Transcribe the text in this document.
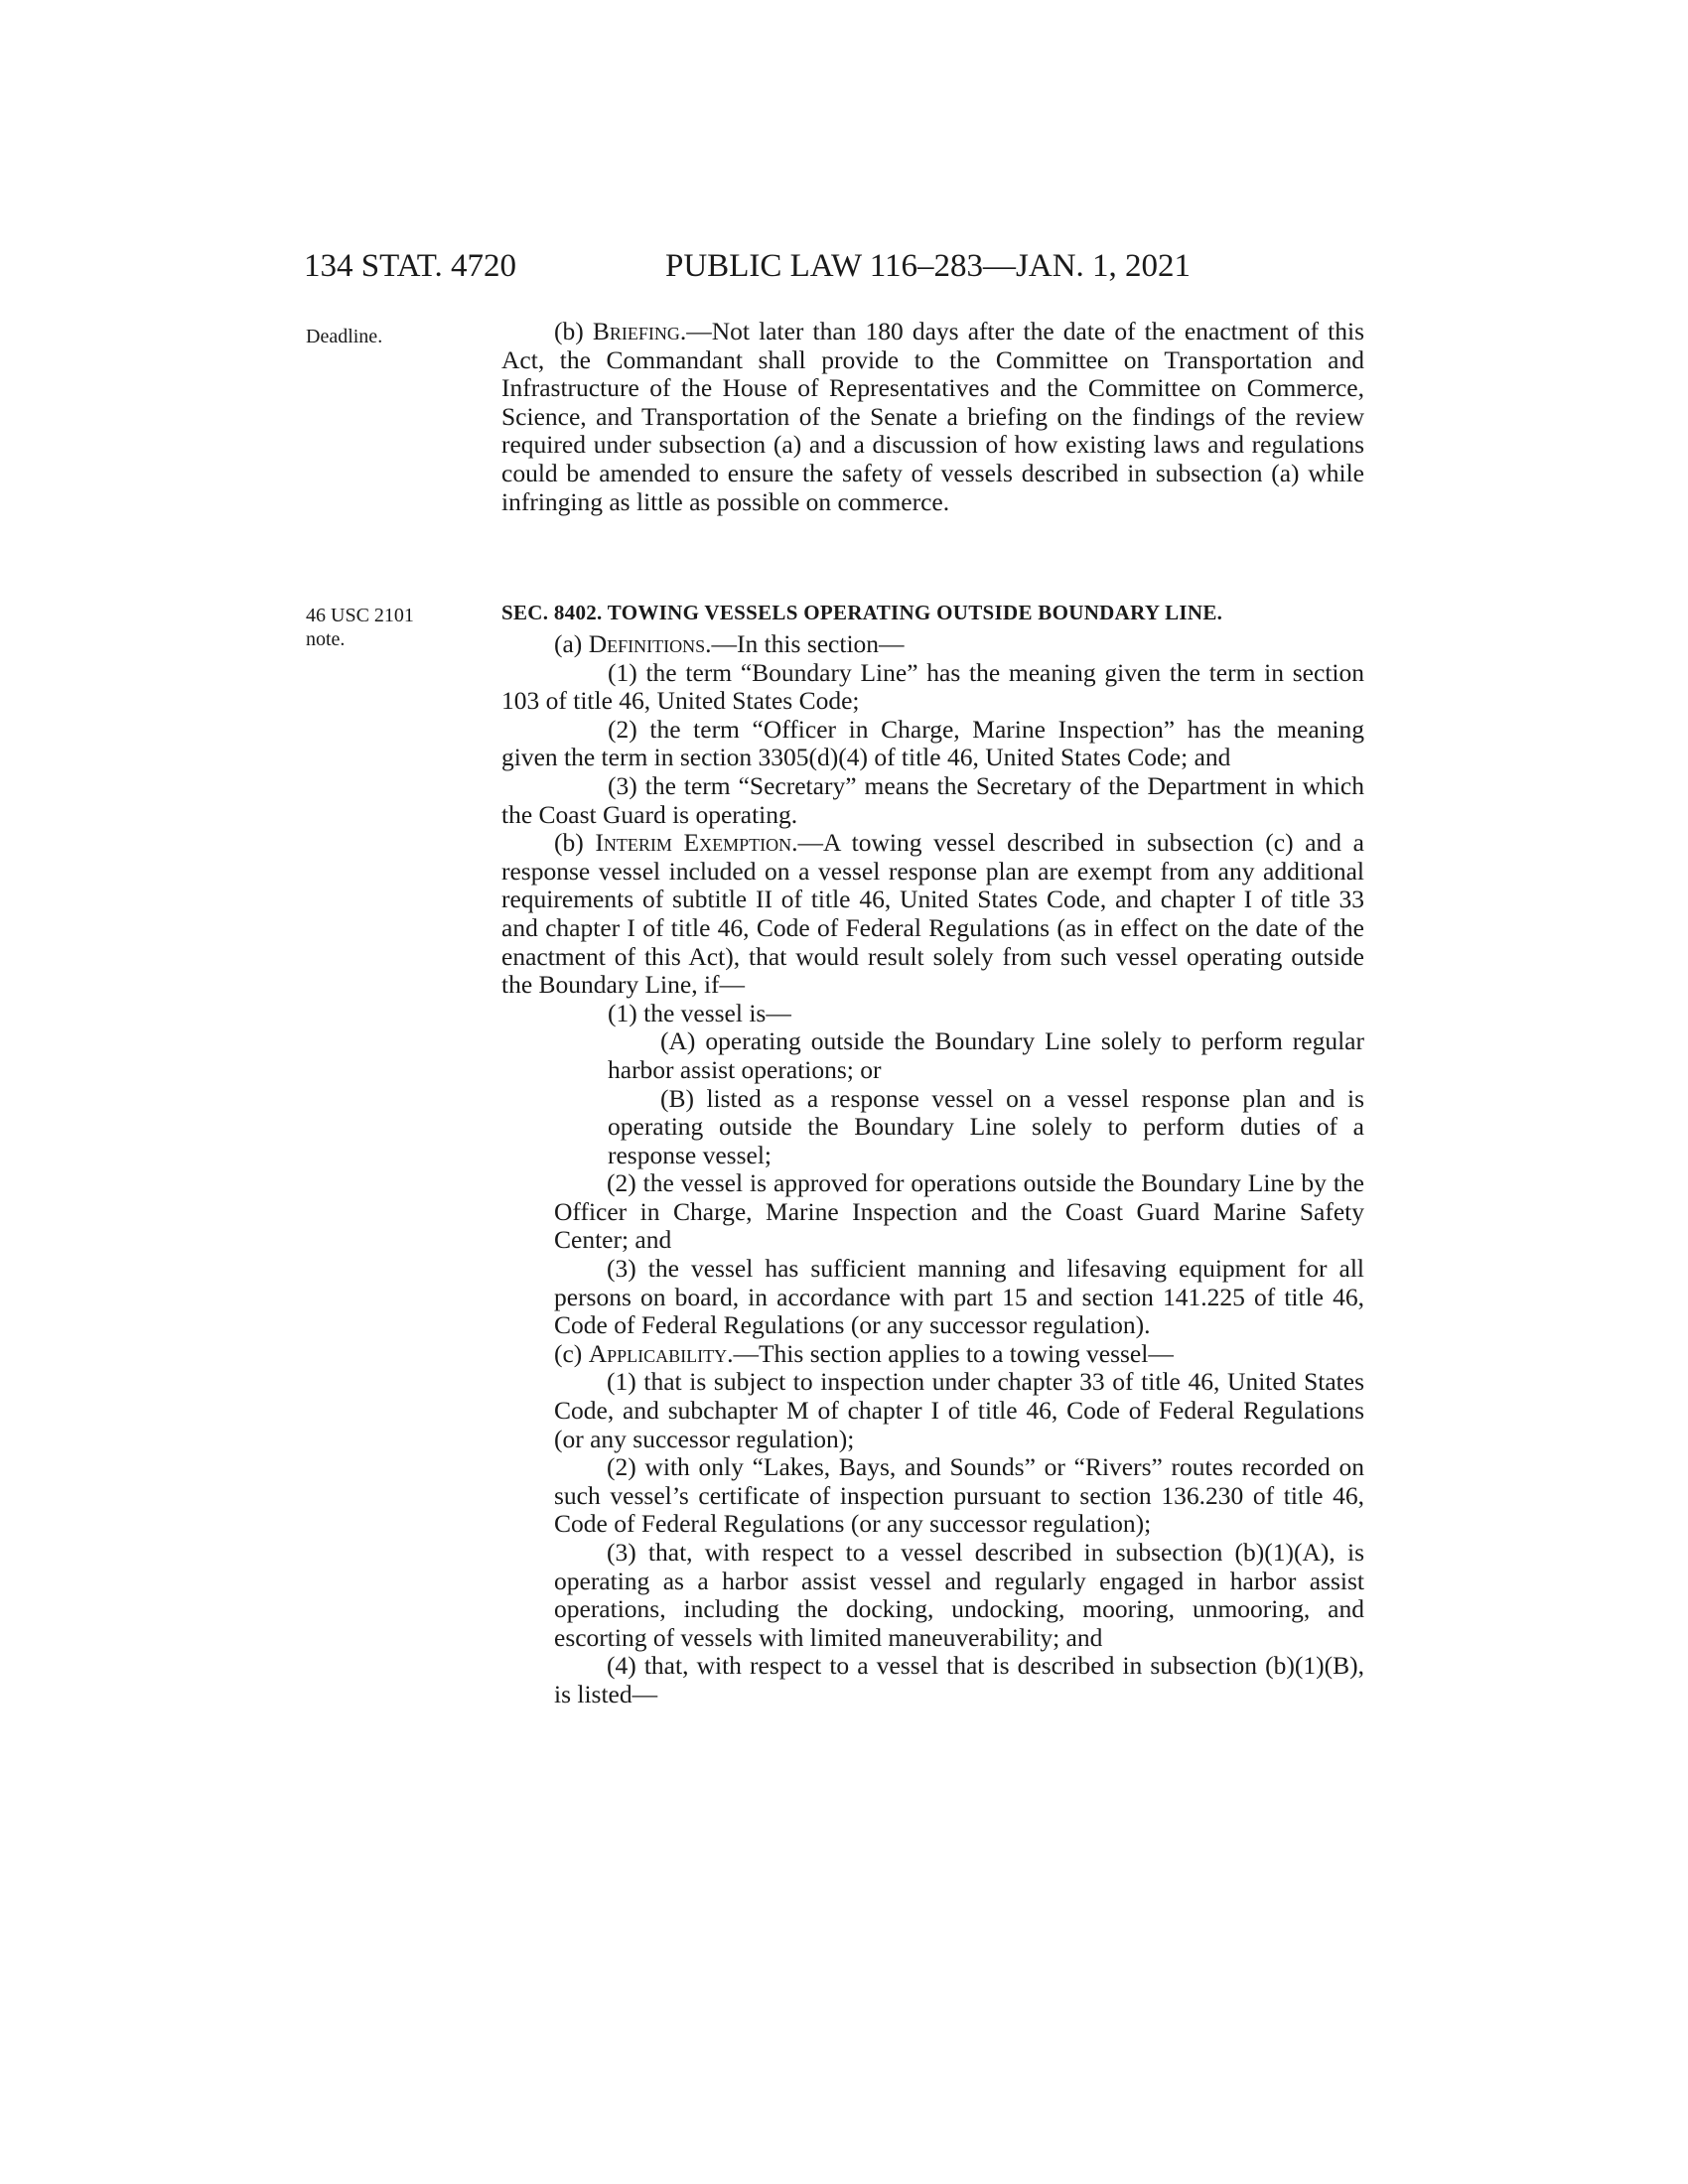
134 STAT. 4720	PUBLIC LAW 116–283—JAN. 1, 2021
Deadline.
46 USC 2101
note.

(b) Briefing.—Not later than 180 days after the date of the enactment of this Act, the Commandant shall provide to the Committee on Transportation and Infrastructure of the House of Representatives and the Committee on Commerce, Science, and Transportation of the Senate a briefing on the findings of the review required under subsection (a) and a discussion of how existing laws and regulations could be amended to ensure the safety of vessels described in subsection (a) while infringing as little as possible on commerce.

SEC. 8402. TOWING VESSELS OPERATING OUTSIDE BOUNDARY LINE.

(a) Definitions.—In this section—

(1) the term “Boundary Line” has the meaning given the term in section 103 of title 46, United States Code;

(2) the term “Officer in Charge, Marine Inspection” has the meaning given the term in section 3305(d)(4) of title 46, United States Code; and

(3) the term “Secretary” means the Secretary of the Department in which the Coast Guard is operating.

(b) Interim Exemption.—A towing vessel described in subsection (c) and a response vessel included on a vessel response plan are exempt from any additional requirements of subtitle II of title 46, United States Code, and chapter I of title 33 and chapter I of title 46, Code of Federal Regulations (as in effect on the date of the enactment of this Act), that would result solely from such vessel operating outside the Boundary Line, if—

(1) the vessel is—

(A) operating outside the Boundary Line solely to perform regular harbor assist operations; or

(B) listed as a response vessel on a vessel response plan and is operating outside the Boundary Line solely to perform duties of a response vessel;

(2) the vessel is approved for operations outside the Boundary Line by the Officer in Charge, Marine Inspection and the Coast Guard Marine Safety Center; and

(3) the vessel has sufficient manning and lifesaving equipment for all persons on board, in accordance with part 15 and section 141.225 of title 46, Code of Federal Regulations (or any successor regulation).

(c) Applicability.—This section applies to a towing vessel—

(1) that is subject to inspection under chapter 33 of title 46, United States Code, and subchapter M of chapter I of title 46, Code of Federal Regulations (or any successor regulation);

(2) with only “Lakes, Bays, and Sounds” or “Rivers” routes recorded on such vessel’s certificate of inspection pursuant to section 136.230 of title 46, Code of Federal Regulations (or any successor regulation);

(3) that, with respect to a vessel described in subsection (b)(1)(A), is operating as a harbor assist vessel and regularly engaged in harbor assist operations, including the docking, undocking, mooring, unmooring, and escorting of vessels with limited maneuverability; and

(4) that, with respect to a vessel that is described in subsection (b)(1)(B), is listed—
